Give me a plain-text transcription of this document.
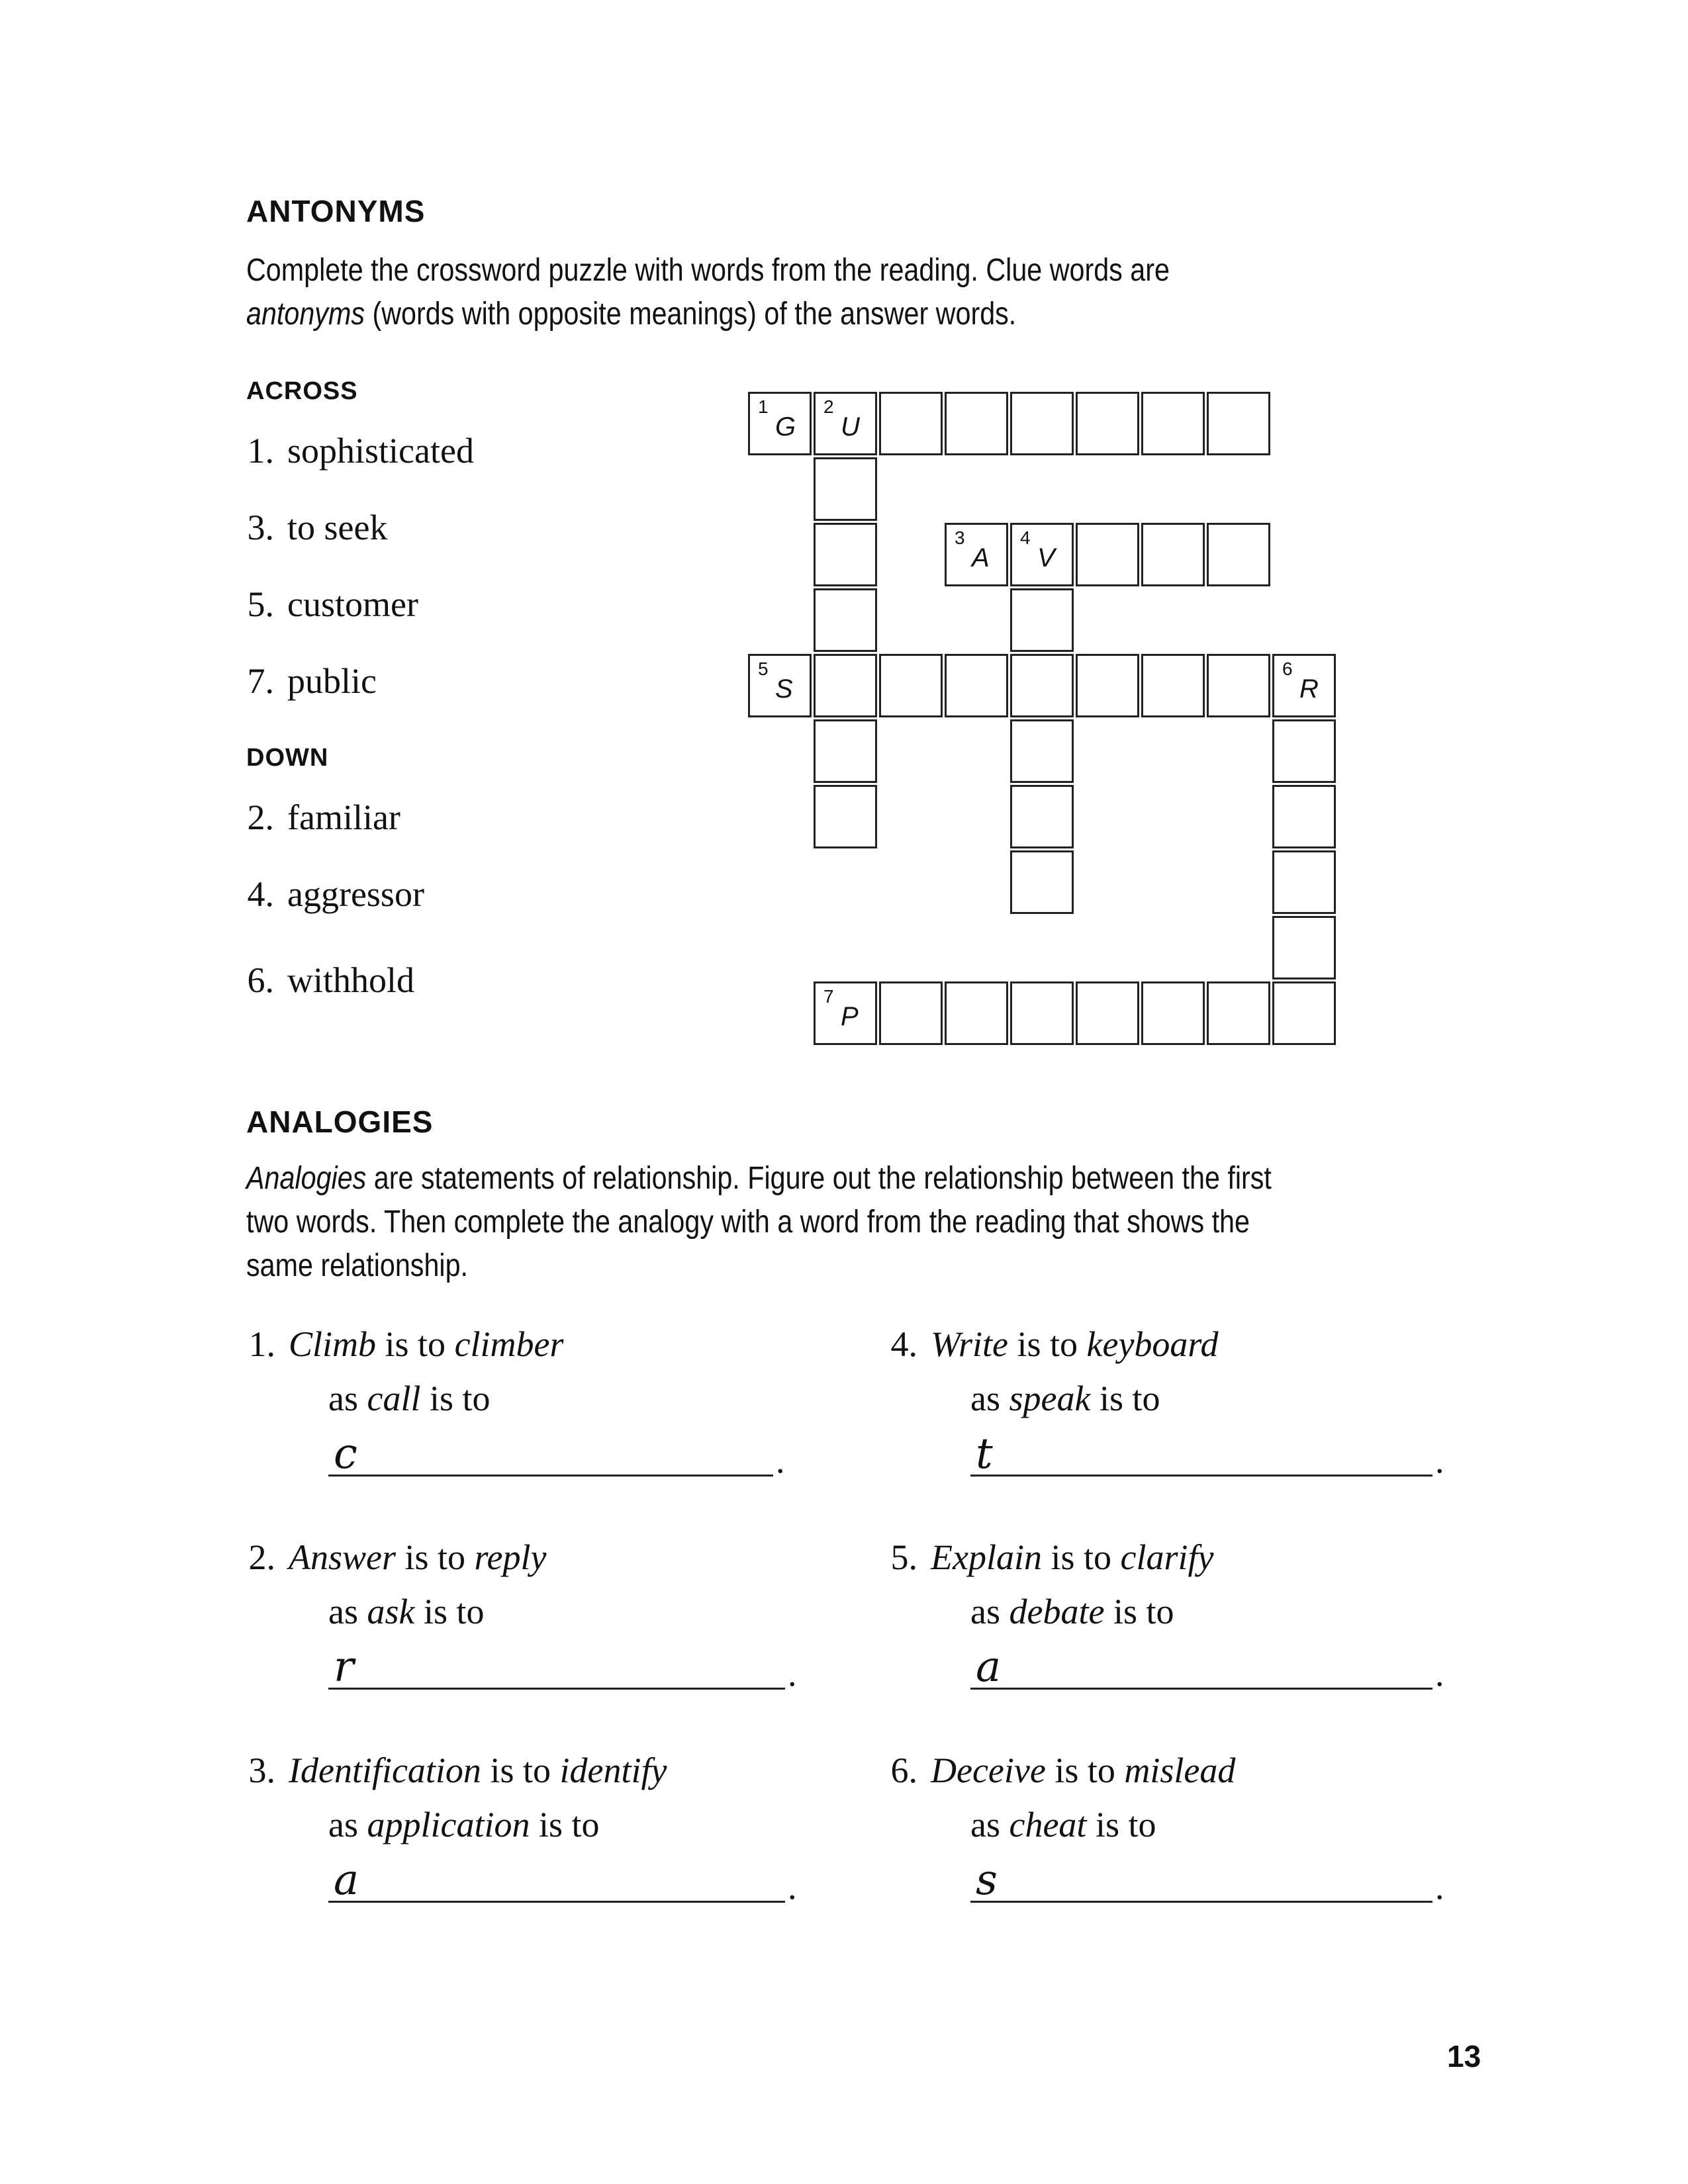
ANTONYMS
Complete the crossword puzzle with words from the reading. Clue words are
antonyms (words with opposite meanings) of the answer words.
ACROSS
1. sophisticated
3. to seek
5. customer
7. public
DOWN
2. familiar
4. aggressor
6. withhold
1
G
2
U
3
A
4
V
5
S
6
R
7
P
ANALOGIES
Analogies are statements of relationship. Figure out the relationship between the first
two words. Then complete the analogy with a word from the reading that shows the
same relationship.
1. Climb is to climber
as call is to
c	.
2. Answer is to reply
as ask is to
r	.
3. Identification is to identify
as application is to
a	.
4. Write is to keyboard
as speak is to
t	.
5. Explain is to clarify
as debate is to
a	.
6. Deceive is to mislead
as cheat is to
s	.
13
